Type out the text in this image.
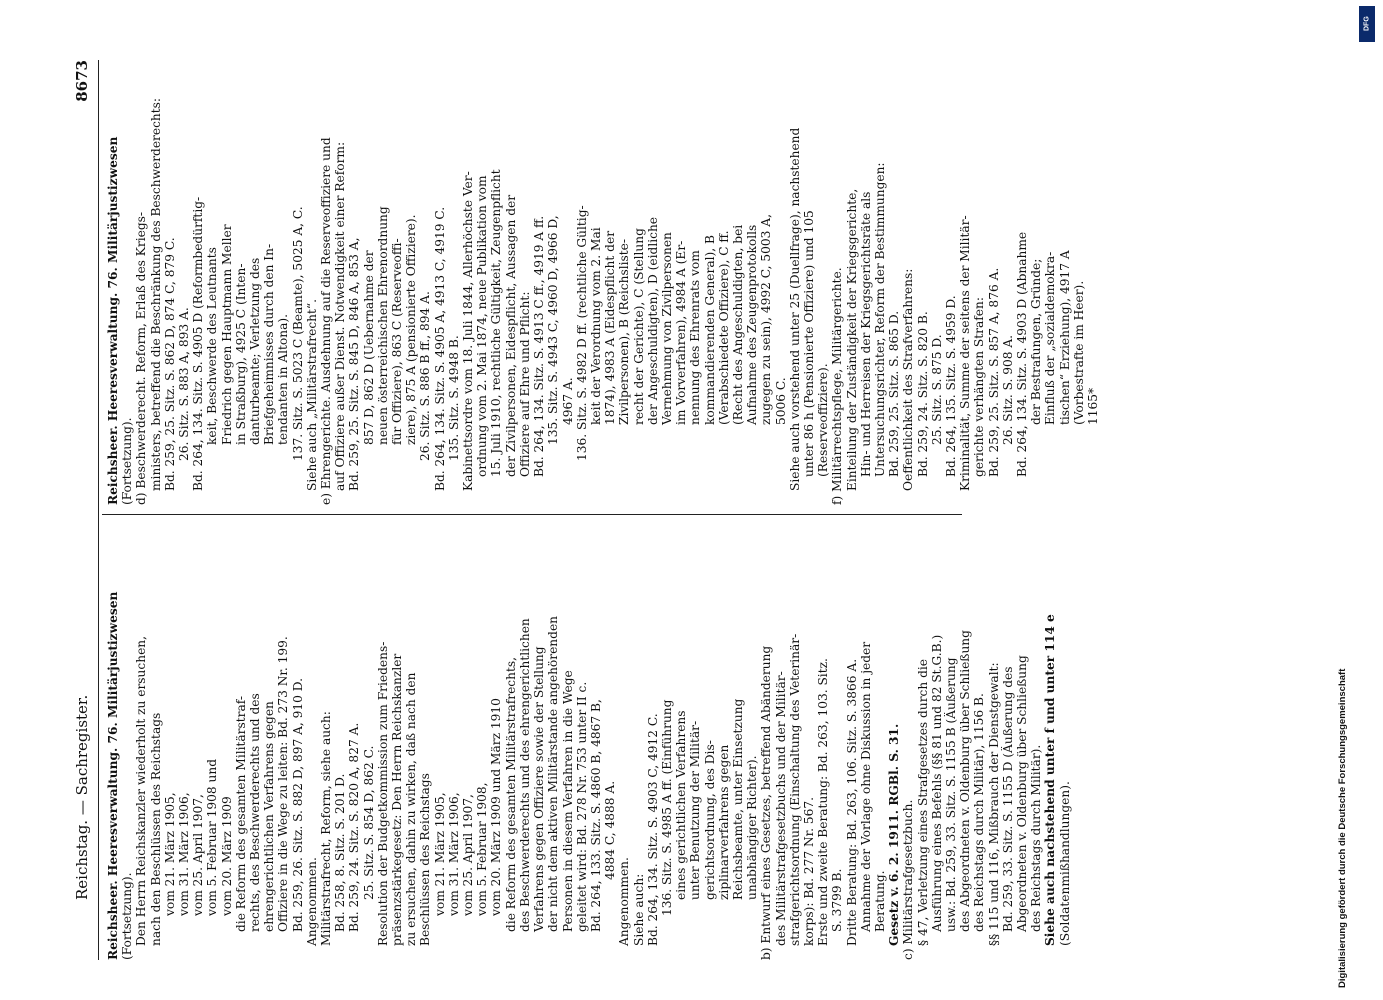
Reichstag. — Sachregister.
8673
Reichsheer. Heeresverwaltung. 76. Militärjustizwesen (Fortsetzung). Den Herrn Reichskanzler wiederholt zu ersuchen, nach den Beschlüssen des Reichstags vom 21. März 1905, vom 31. März 1906, vom 25. April 1907, vom 5. Februar 1908 und vom 20. März 1909 die Reform des gesamten Militärstraf- rechts, des Beschwerderechts und des ehrengerichtlichen Verfahrens gegen Offiziere in die Wege zu leiten: Bd. 273 Nr. 199. Bd. 259, 26. Sitz. S. 882 D, 897 A, 910 D. Angenommen. Militärstrafrecht, Reform, siehe auch: Bd. 258, 8. Sitz. S. 201 D. Bd. 259, 24. Sitz. S. 820 A, 827 A. 25. Sitz. S. 854 D, 862 C. Resolution der Budgetkommission zum Friedens- präsenzstärkegesetz: Den Herrn Reichskanzler zu ersuchen, dahin zu wirken, daß nach den Beschlüssen des Reichstags vom 21. März 1905, vom 31. März 1906, vom 25. April 1907, vom 5. Februar 1908, vom 20. März 1909 und März 1910 die Reform des gesamten Militärstrafrechts, des Beschwerderechts und des ehrengerichtlichen Verfahrens gegen Offiziere sowie der Stellung der nicht dem aktiven Militärstande angehörenden Personen in diesem Verfahren in die Wege geleitet wird: Bd. 278 Nr. 753 unter II c. Bd. 264, 133. Sitz. S. 4860 B, 4867 B, 4884 C, 4888 A.
Angenommen. Siehe auch: Bd. 264, 134. Sitz. S. 4903 C, 4912 C. 136. Sitz. S. 4985 A ff. (Einführung eines gerichtlichen Verfahrens unter Benutzung der Militär- gerichtsordnung, des Dis- ziplinarverfahrens gegen Reichsbeamte, unter Einsetzung unabhängiger Richter). b) Entwurf eines Gesetzes, betreffend Abänderung des Militärstrafgesetzbuchs und der Militär- strafgerichtsordnung (Einschaltung des Veterinär- korps): Bd. 277 Nr. 567. Erste und zweite Beratung: Bd. 263, 103. Sitz. S. 3799 B. Dritte Beratung: Bd. 263, 106. Sitz. S. 3866 A. Annahme der Vorlage ohne Diskussion in jeder Beratung. Gesetz v. 6. 2. 1911. RGBl. S. 31. c) Militärstrafgesetzbuch. § 47, Verletzung eines Strafgesetzes durch die Ausführung eines Befehls (§§ 81 und 82 St.G.B.) usw.: Bd. 259, 33. Sitz. S. 1155 B (Äußerung des Abgeordneten v. Oldenburg über Schließung des Reichstags durch Militär), 1156 B. §§ 115 und 116, Mißbrauch der Dienstgewalt: Bd. 259, 33. Sitz. S. 1155 D (Äußerung des Abgeordneten v. Oldenburg über Schließung des Reichstags durch Militär). Siehe auch nachstehend unter f und unter 114 e (Soldatenmißhandlungen).
Reichsheer. Heeresverwaltung. 76. Militärjustizwesen (Fortsetzung). d) Beschwerderecht. Reform, Erlaß des Kriegs- ministers, betreffend die Beschränkung des Beschwerderechts: Bd. 259, 25. Sitz. S. 862 D, 874 C, 879 C. 26. Sitz. S. 883 A, 893 A. Bd. 264, 134. Sitz. S. 4905 D (Reformbedürftig- keit, Beschwerde des Leutnants Friedrich gegen Hauptmann Meller in Straßburg), 4925 C (Inten- danturbeamte; Verletzung des Briefgeheimnisses durch den In- tendanten in Altona). 137. Sitz. S. 5023 C (Beamte), 5025 A, C. Siehe auch „Militärstrafrecht“. e) Ehrengerichte. Ausdehnung auf die Reserveoffiziere und auf Offiziere außer Dienst. Notwendigkeit einer Reform: Bd. 259, 25. Sitz. S. 845 D, 846 A, 853 A, 857 D, 862 D (Uebernahme der neuen österreichischen Ehrenordnung für Offiziere), 863 C (Reserveoffi- ziere), 875 A (pensionierte Offiziere). 26. Sitz. S. 886 B ff., 894 A. Bd. 264, 134. Sitz. S. 4905 A, 4913 C, 4919 C. 135. Sitz. S. 4948 B. Kabinettsordre vom 18. Juli 1844, Allerhöchste Ver- ordnung vom 2. Mai 1874, neue Publikation vom 15. Juli 1910, rechtliche Gültigkeit, Zeugenpflicht der Zivilpersonen, Eidespflicht, Aussagen der Offiziere auf Ehre und Pflicht: Bd. 264, 134. Sitz. S. 4913 C ff., 4919 A ff. 135. Sitz. S. 4943 C, 4960 D, 4966 D, 4967 A. 136. Sitz. S. 4982 D ff. (rechtliche Gültig- keit der Verordnung vom 2. Mai 1874), 4983 A (Eidespflicht der Zivilpersonen), B (Reichsliste- recht der Gerichte), C (Stellung der Angeschuldigten), D (eidliche Vernehmung von Zivilpersonen im Vorverfahren), 4984 A (Er- nennung des Ehrenrats vom kommandierenden General), B (Verabschiedete Offiziere), C ff. (Recht des Angeschuldigten, bei Aufnahme des Zeugenprotokolls zugegen zu sein), 4992 C, 5003 A, 5006 C. Siehe auch vorstehend unter 25 (Duellfrage), nachstehend unter 86 h (Pensionierte Offiziere) und 105 (Reserveoffiziere). f) Militärrechtspflege, Militärgerichte. Einteilung der Zuständigkeit der Kriegsgerichte, Hin- und Herreisen der Kriegsgerichtsräte als Untersuchungsrichter, Reform der Bestimmungen: Bd. 259, 25. Sitz. S. 865 D. Oeffentlichkeit des Strafverfahrens: Bd. 259, 24. Sitz. S. 820 B. 25. Sitz. S. 875 D. Bd. 264, 135. Sitz. S. 4959 D. Kriminalität, Summe der seitens der Militär- gerichte verhängten Strafen: Bd. 259, 25. Sitz. S. 857 A, 876 A. 26. Sitz. S. 908 A. Bd. 264, 134. Sitz. S. 4903 D (Abnahme der Bestrafungen, Gründe; Einfluß der „sozialdemokra- tischen“ Erziehung), 4917 A (Vorbestrafte im Heer). 1165*
Digitalisierung gefördert durch die Deutsche Forschungsgemeinschaft
DFG
